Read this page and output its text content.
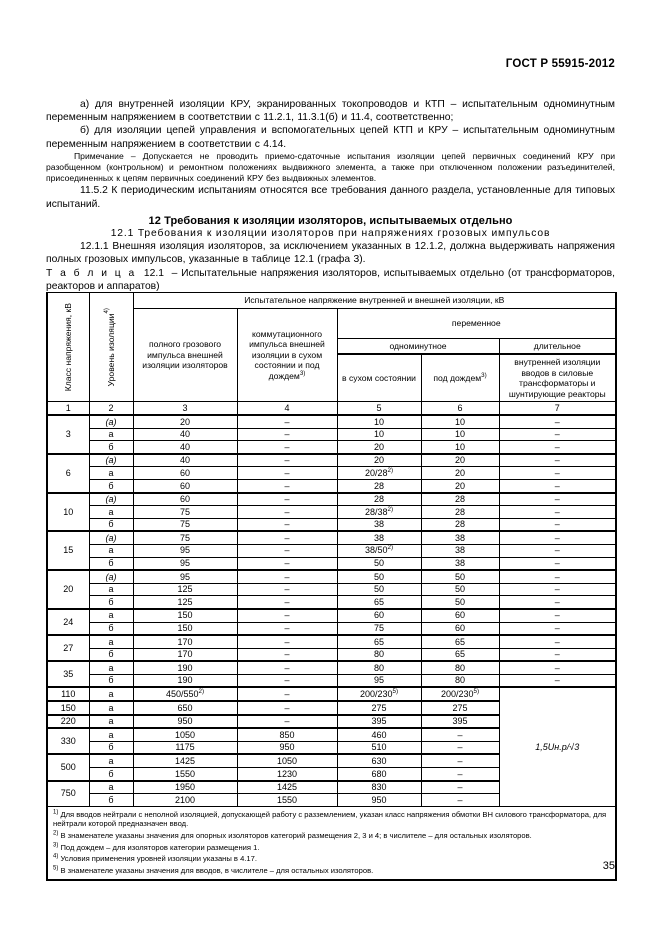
ГОСТ Р 55915-2012

а) для внутренней изоляции КРУ, экранированных токопроводов и КТП – испытательным одноминутным переменным напряжением в соответствии с 11.2.1, 11.3.1(б) и 11.4, соответственно;

б) для изоляции цепей управления и вспомогательных цепей КТП и КРУ – испытательным одноминутным переменным напряжением в соответствии с 4.14.

Примечание – Допускается не проводить приемо-сдаточные испытания изоляции цепей первичных соединений КРУ при разобщенном (контрольном) и ремонтном положениях выдвижного элемента, а также при отключенном положении разъединителей, присоединенных к цепям первичных соединений КРУ без выдвижных элементов.

11.5.2 К периодическим испытаниям относятся все требования данного раздела, установленные для типовых испытаний.

12 Требования к изоляции изоляторов, испытываемых отдельно

12.1 Требования к изоляции изоляторов при напряжениях грозовых импульсов

12.1.1 Внешняя изоляция изоляторов, за исключением указанных в 12.1.2, должна выдерживать напряжения полных грозовых импульсов, указанные в таблице 12.1 (графа 3).

Т а б л и ц а 12.1 – Испытательные напряжения изоляторов, испытываемых отдельно (от трансформаторов, реакторов и аппаратов)

Класс напряжения, кВ	Уровень изоляции$^{4)}$	Испытательное напряжение внутренней и внешней изоляции, кВ				
		полного грозового импульса внешней изоляции изоляторов	коммутационного импульса внешней изоляции в сухом состоянии и под дождем$^{3)}$	переменное		
				одноминутное		длительное
				в сухом состоянии	под дождем$^{3)}$	внутренней изоляции вводов в силовые трансформаторы и шунтирующие реакторы
1	2	3	4	5	6	7
3	(а)	20	–	10	10	–
	а	40	–	10	10	–
	б	40	–	20	10	–
6	(а)	40	–	20	20	–
	а	60	–	20/28$^{2)}$	20	–
	б	60	–	28	20	–
10	(а)	60	–	28	28	–
	а	75	–	28/38$^{2)}$	28	–
	б	75	–	38	28	–
15	(а)	75	–	38	38	–
	а	95	–	38/50$^{2)}$	38	–
	б	95	–	50	38	–
20	(а)	95	–	50	50	–
	а	125	–	50	50	–
	б	125	–	65	50	–
24	а	150	–	60	60	–
	б	150	–	75	60	–
27	а	170	–	65	65	–
	б	170	–	80	65	–
35	а	190	–	80	80	–
	б	190	–	95	80	–
110	а	450/550$^{2)}$	–	200/230$^{5)}$	200/230$^{5)}$	1,5Uн.р/√3
150	а	650	–	275	275	
220	а	950	–	395	395	
330	а	1050	850	460	–	
	б	1175	950	510	–	
500	а	1425	1050	630	–	
	б	1550	1230	680	–	
750	а	1950	1425	830	–	
	б	2100	1550	950	–	

$^{1)}$ Для вводов нейтрали с неполной изоляцией, допускающей работу с разземлением, указан класс напряжения обмотки ВН силового трансформатора, для нейтрали которой предназначен ввод.

$^{2)}$ В знаменателе указаны значения для опорных изоляторов категорий размещения 2, 3 и 4; в числителе – для остальных изоляторов.

$^{3)}$ Под дождем – для изоляторов категории размещения 1.

$^{4)}$ Условия применения уровней изоляции указаны в 4.17.

$^{5)}$ В знаменателе указаны значения для вводов, в числителе – для остальных изоляторов.							35
